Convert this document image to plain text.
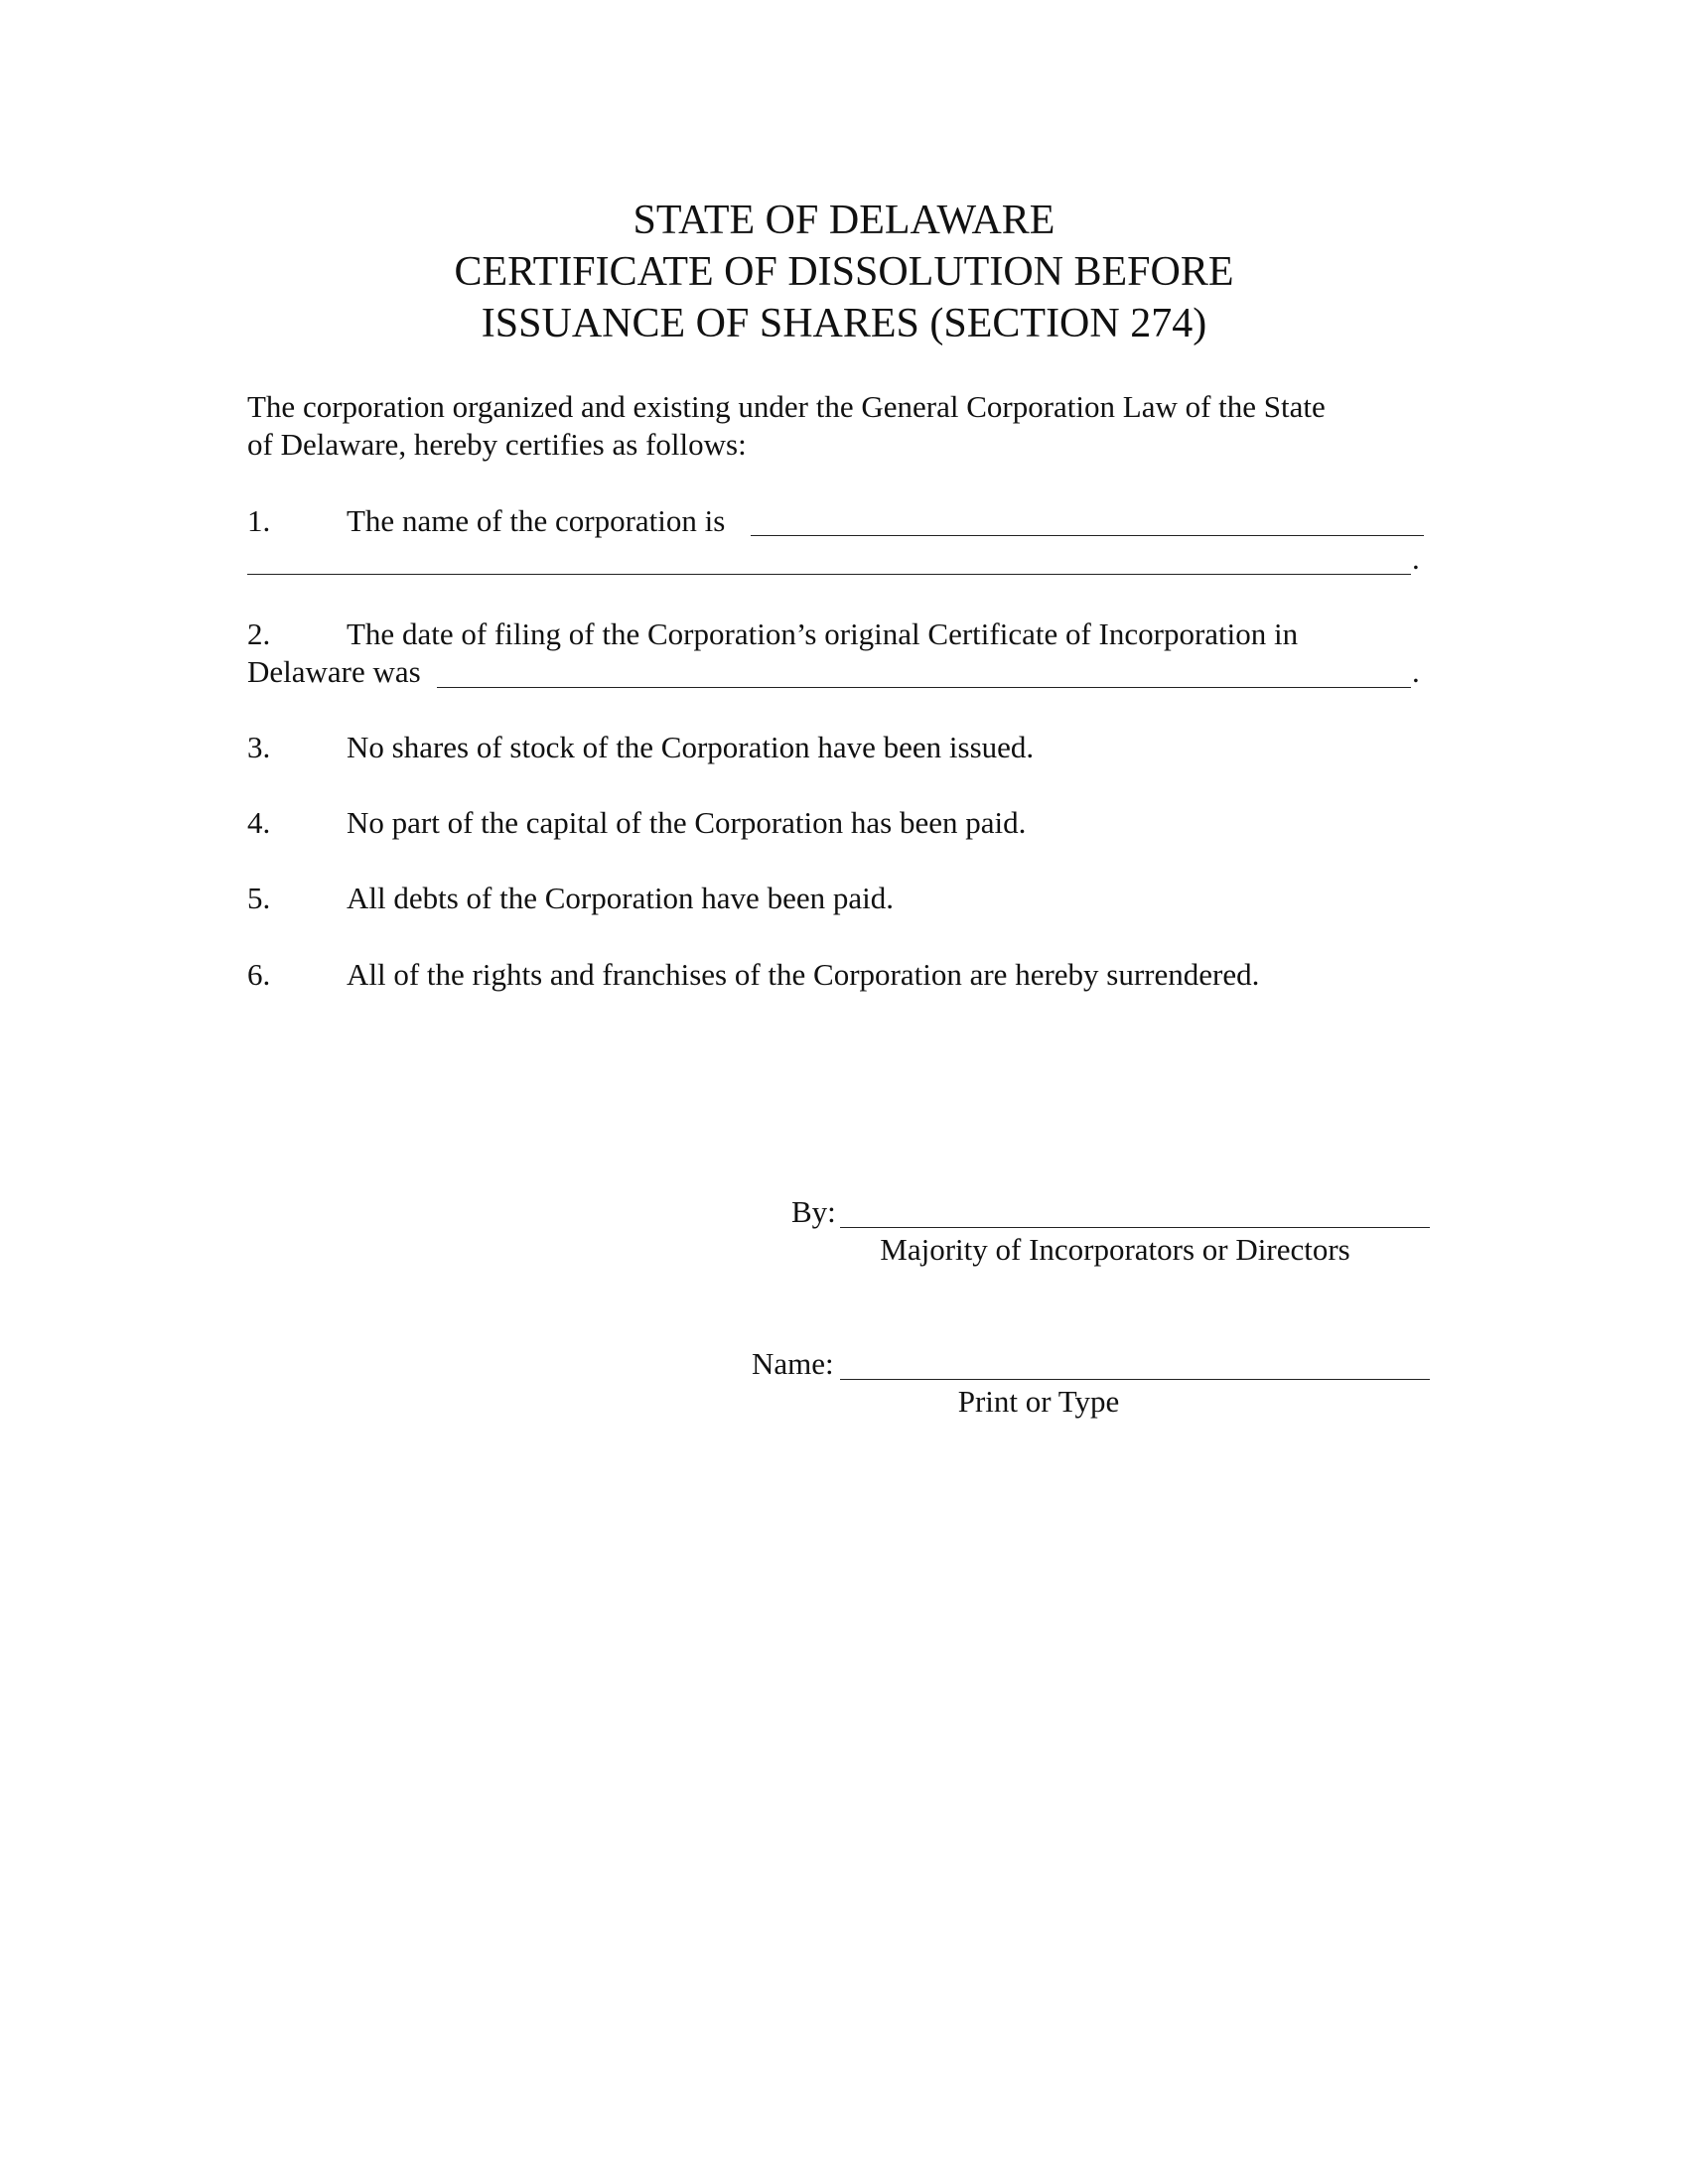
STATE OF DELAWARE
CERTIFICATE OF DISSOLUTION BEFORE
ISSUANCE OF SHARES (SECTION 274)
The corporation organized and existing under the General Corporation Law of the State
of Delaware, hereby certifies as follows:
1. The name of the corporation is
.
2. The date of filing of the Corporation’s original Certificate of Incorporation in
Delaware was	.
3. No shares of stock of the Corporation have been issued.
4. No part of the capital of the Corporation has been paid.
5. All debts of the Corporation have been paid.
6. All of the rights and franchises of the Corporation are hereby surrendered.
By:
Majority of Incorporators or Directors
Name:
Print or Type
